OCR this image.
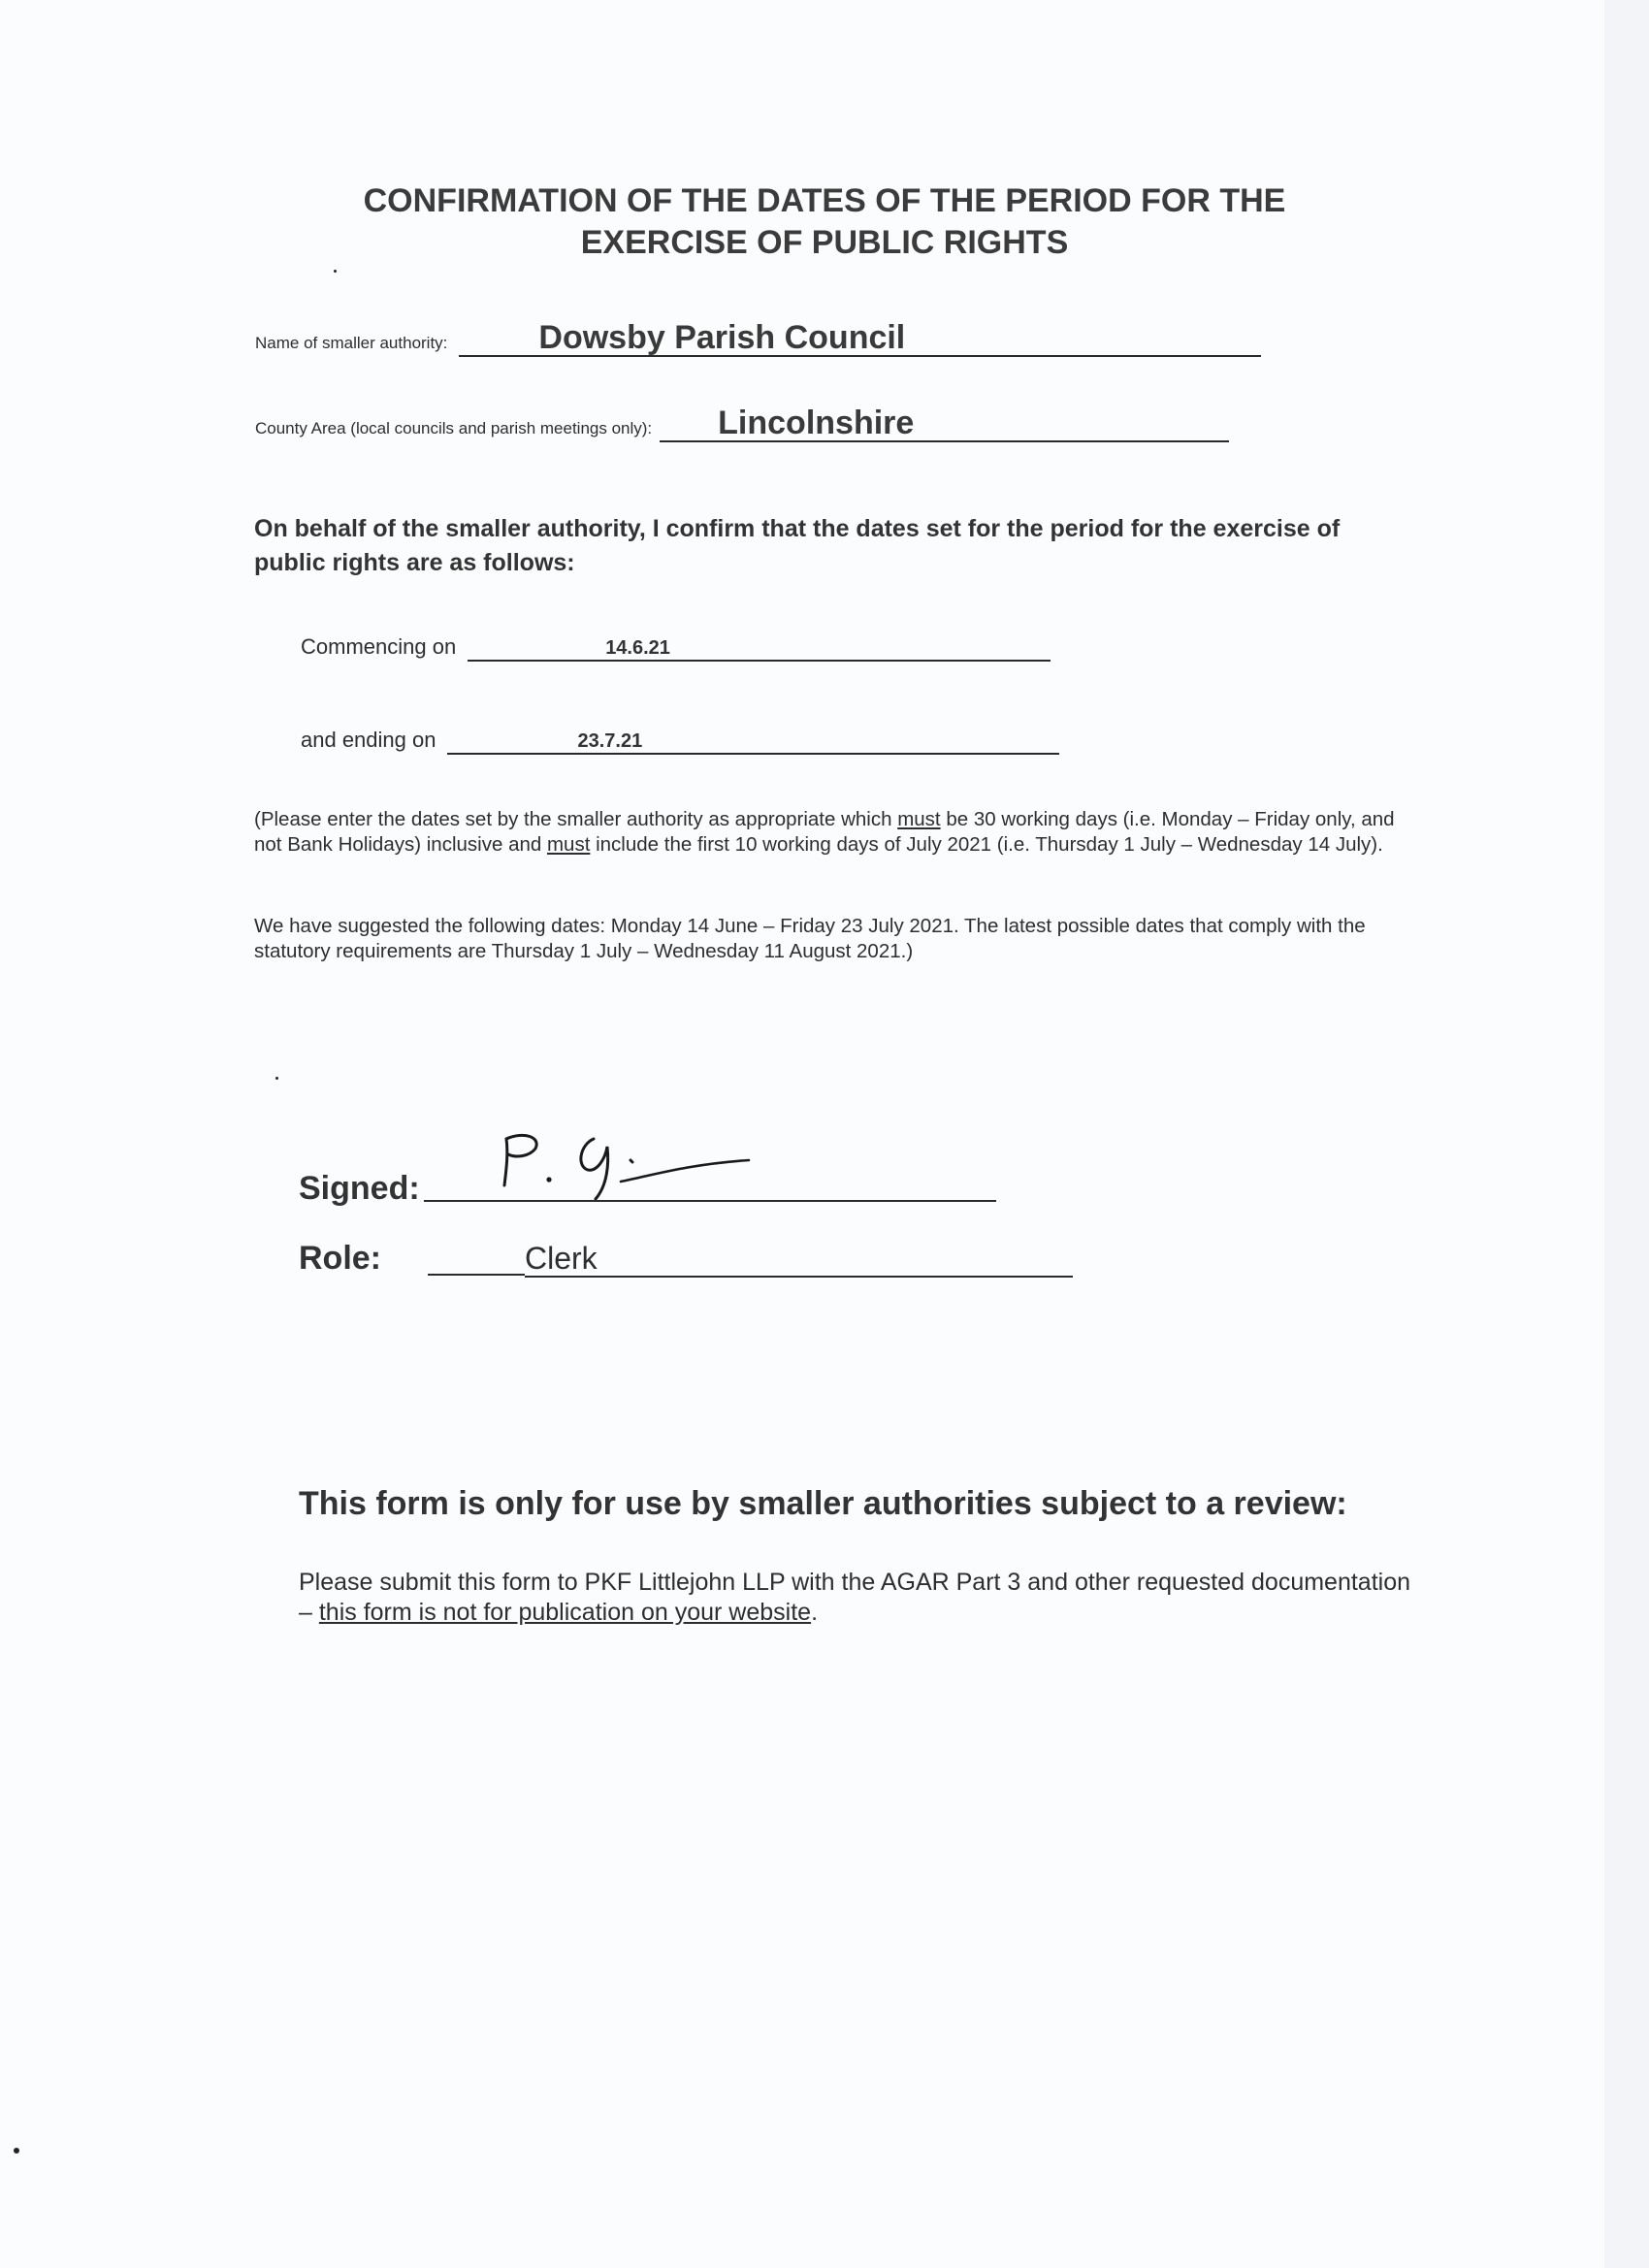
CONFIRMATION OF THE DATES OF THE PERIOD FOR THE
EXERCISE OF PUBLIC RIGHTS
Name of smaller authority:	Dowsby Parish Council
County Area (local councils and parish meetings only): Lincolnshire
On behalf of the smaller authority, I confirm that the dates set for the period for the exercise of public rights are as follows:
Commencing on	14.6.21
and ending on	23.7.21
(Please enter the dates set by the smaller authority as appropriate which must be 30 working days (i.e. Monday – Friday only, and not Bank Holidays) inclusive and must include the first 10 working days of July 2021 (i.e. Thursday 1 July – Wednesday 14 July).
We have suggested the following dates: Monday 14 June – Friday 23 July 2021. The latest possible dates that comply with the statutory requirements are Thursday 1 July – Wednesday 11 August 2021.)
Signed:
Role:	Clerk
This form is only for use by smaller authorities subject to a review:
Please submit this form to PKF Littlejohn LLP with the AGAR Part 3 and other requested documentation – this form is not for publication on your website.
